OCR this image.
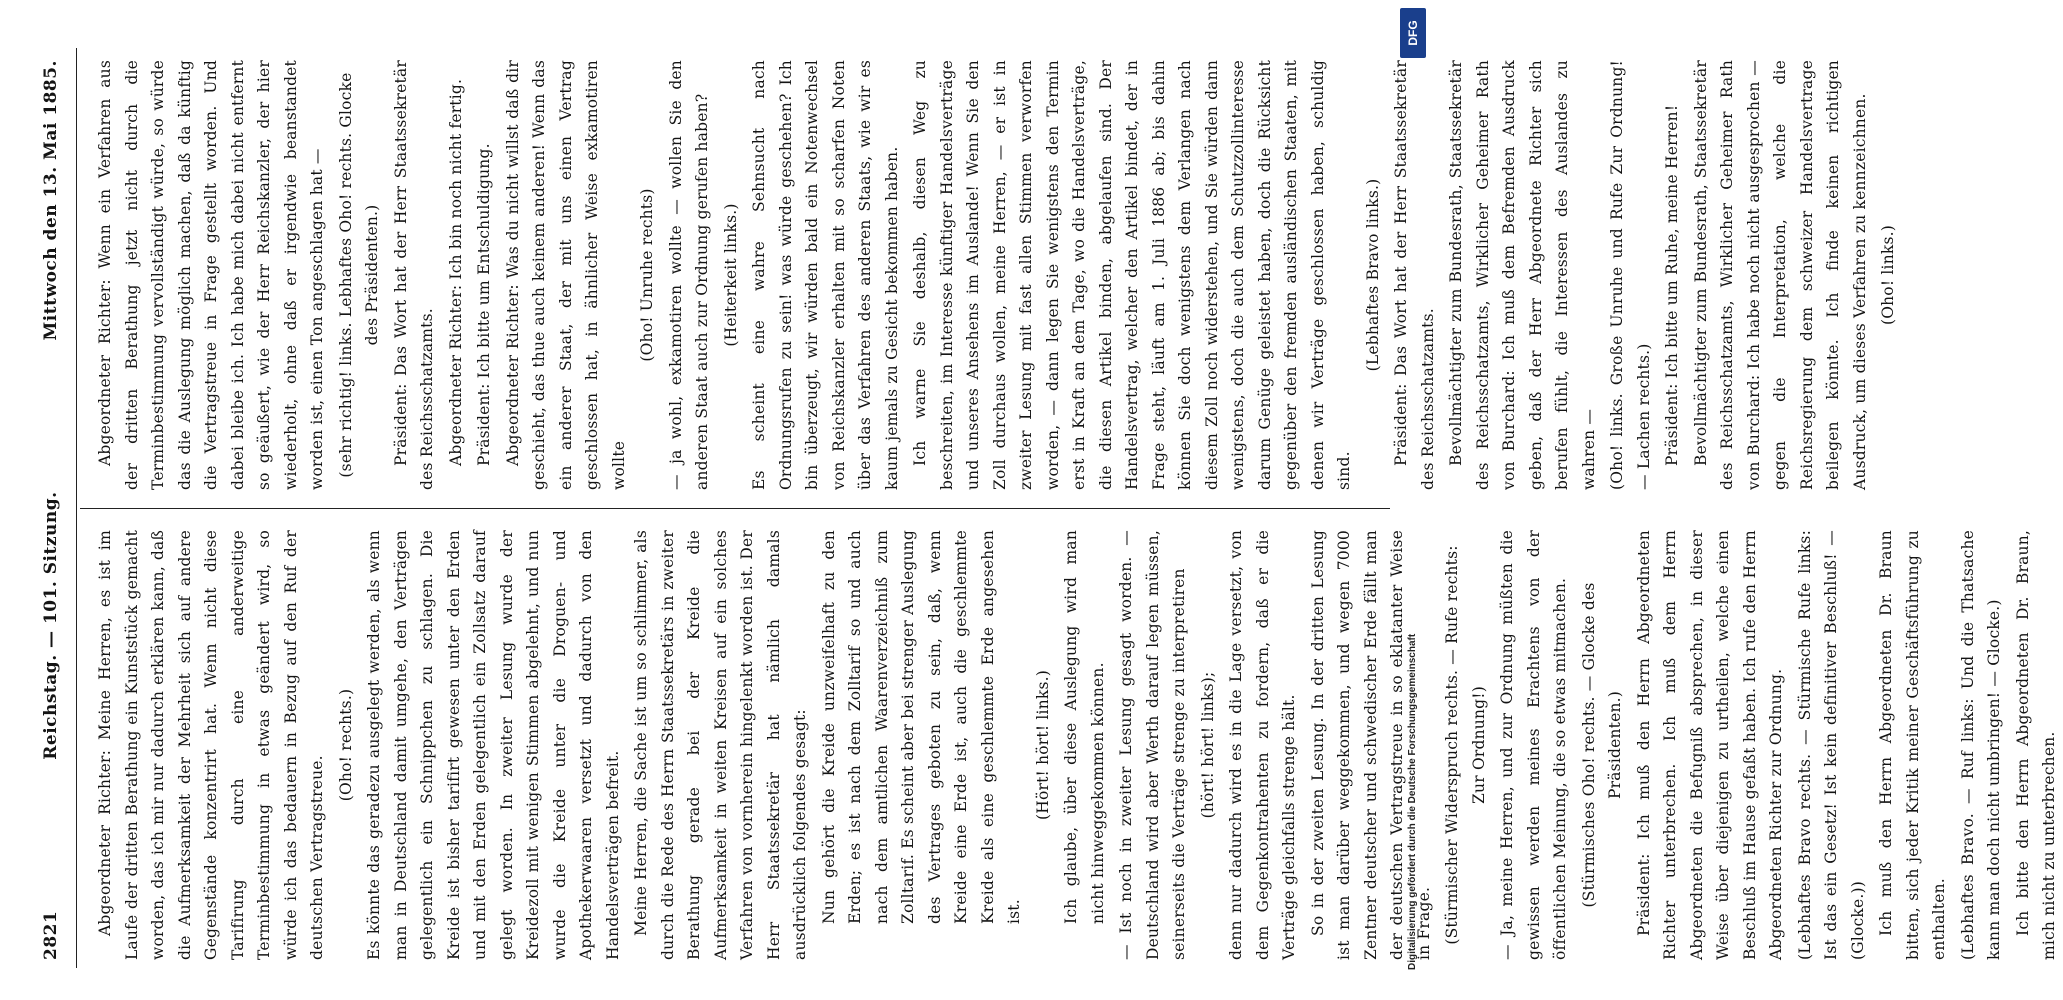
2821
Reichstag. — 101. Sitzung.
Mittwoch den 13. Mai 1885.
Abgeordneter Richter: Meine Herren, es ist im Laufe der dritten Berathung ein Kunststück gemacht worden, das ich mir nur dadurch erklären kann, daß die Aufmerksamkeit der Mehrheit sich auf andere Gegenstände konzentrirt hat. Wenn nicht diese Tarifirung durch eine anderweitige Terminbestimmung in etwas geändert wird, so würde ich das bedauern in Bezug auf den Ruf der deutschen Vertragstreue.
(Oho! rechts.) Es könnte das geradezu ausgelegt werden, als wenn man in Deutschland damit umgehe, den Verträgen gelegentlich ein Schnippchen zu schlagen. Die Kreide ist bisher tarifirt gewesen unter den Erden und mit den Erden gelegentlich ein Zollsatz darauf gelegt worden. In zweiter Lesung wurde der Kreidezoll mit wenigen Stimmen abgelehnt, und nun wurde die Kreide unter die Droguen- und Apothekerwaaren versetzt und dadurch von den Handelsverträgen befreit. Meine Herren, die Sache ist um so schlimmer, als durch die Rede des Herrn Staatssekretärs in zweiter Berathung gerade bei der Kreide die Aufmerksamkeit in weiten Kreisen auf ein solches Verfahren von vornherein hingelenkt worden ist. Der Herr Staatssekretär hat nämlich damals ausdrücklich folgendes gesagt: Nun gehört die Kreide unzweifelhaft zu den Erden; es ist nach dem Zolltarif so und auch nach dem amtlichen Waarenverzeichniß zum Zolltarif. Es scheint aber bei strenger Auslegung des Vertrages geboten zu sein, daß, wenn Kreide eine Erde ist, auch die geschlemmte Kreide als eine geschlemmte Erde angesehen ist.
(Hört! hört! links.) Ich glaube, über diese Auslegung wird man nicht hinweggekommen können. — Ist noch in zweiter Lesung gesagt worden. — Deutschland wird aber Werth darauf legen müssen, seinerseits die Verträge strenge zu interpretiren (hört! hört! links); denn nur dadurch wird es in die Lage versetzt, von dem Gegenkontrahenten zu fordern, daß er die Verträge gleichfalls strenge hält. So in der zweiten Lesung. In der dritten Lesung ist man darüber weggekommen, und wegen 7000 Zentner deutscher und schwedischer Erde fällt man der deutschen Vertragstreue in so eklatanter Weise in Frage. (Stürmischer Widerspruch rechts. — Rufe rechts: Zur Ordnung!) — Ja, meine Herren, und zur Ordnung müßten die gewissen werden meines Erachtens von der öffentlichen Meinung, die so etwas mitmachen. (Stürmisches Oho! rechts. — Glocke des Präsidenten.) Präsident: Ich muß den Herrn Abgeordneten Richter unterbrechen. Ich muß dem Herrn Abgeordneten die Befugniß absprechen, in dieser Weise über diejenigen zu urtheilen, welche einen Beschluß im Hause gefaßt haben. Ich rufe den Herrn Abgeordneten Richter zur Ordnung. (Lebhaftes Bravo rechts. — Stürmische Rufe links: Ist das ein Gesetz! Ist kein definitiver Beschluß! — (Glocke.)) Ich muß den Herrn Abgeordneten Dr. Braun bitten, sich jeder Kritik meiner Geschäftsführung zu enthalten. (Lebhaftes Bravo. — Ruf links: Und die Thatsache kann man doch nicht umbringen! — Glocke.) Ich bitte den Herrn Abgeordneten Dr. Braun, mich nicht zu unterbrechen.
Abgeordneter Richter: Wenn ein Verfahren aus der dritten Berathung jetzt nicht durch die Terminbestimmung vervollständigt würde, so würde das die Auslegung möglich machen, daß da künftig die Vertragstreue in Frage gestellt worden. Und dabei bleibe ich. Ich habe mich dabei nicht entfernt so geäußert, wie der Herr Reichskanzler, der hier wiederholt, ohne daß er irgendwie beanstandet worden ist, einen Ton angeschlagen hat — (sehr richtig! links. Lebhaftes Oho! rechts. Glocke des Präsidenten.) Präsident: Das Wort hat der Herr Staatssekretär des Reichsschatzamts. Abgeordneter Richter: Ich bin noch nicht fertig. Präsident: Ich bitte um Entschuldigung. Abgeordneter Richter: Was du nicht willst daß dir geschieht, das thue auch keinem anderen! Wenn das ein anderer Staat, der mit uns einen Vertrag geschlossen hat, in ähnlicher Weise exkamotiren wollte
(Oho! Unruhe rechts) — ja wohl, exkamotiren wollte — wollen Sie den anderen Staat auch zur Ordnung gerufen haben? (Heiterkeit links.) Es scheint eine wahre Sehnsucht nach Ordnungsrufen zu sein! was würde geschehen? Ich bin überzeugt, wir würden bald ein Notenwechsel von Reichskanzler erhalten mit so scharfen Noten über das Verfahren des anderen Staats, wie wir es kaum jemals zu Gesicht bekommen haben. Ich warne Sie deshalb, diesen Weg zu beschreiten, im Interesse künftiger Handelsverträge und unseres Ansehens im Auslande! Wenn Sie den Zoll durchaus wollen, meine Herren, — er ist in zweiter Lesung mit fast allen Stimmen verworfen worden, — dann legen Sie wenigstens den Termin erst in Kraft an dem Tage, wo die Handelsverträge, die diesen Artikel binden, abgelaufen sind. Der Handelsvertrag, welcher den Artikel bindet, der in Frage steht, läuft am 1. Juli 1886 ab; bis dahin können Sie doch wenigstens dem Verlangen nach diesem Zoll noch widerstehen, und Sie würden dann wenigstens, doch die auch dem Schutzzollinteresse darum Genüge geleistet haben, doch die Rücksicht gegenüber den fremden ausländischen Staaten, mit denen wir Verträge geschlossen haben, schuldig sind.
(Lebhaftes Bravo links.) Präsident: Das Wort hat der Herr Staatssekretär des Reichsschatzamts. Bevollmächtigter zum Bundesrath, Staatssekretär des Reichsschatzamts, Wirklicher Geheimer Rath von Burchard: Ich muß dem Befremden Ausdruck geben, daß der Herr Abgeordnete Richter sich berufen fühlt, die Interessen des Auslandes zu wahren — (Oho! links. Große Unruhe und Rufe Zur Ordnung! — Lachen rechts.) Präsident: Ich bitte um Ruhe, meine Herren! Bevollmächtigter zum Bundesrath, Staatssekretär des Reichsschatzamts, Wirklicher Geheimer Rath von Burchard: Ich habe noch nicht ausgesprochen — gegen die Interpretation, welche die Reichsregierung dem schweizer Handelsvertrage beilegen könnte. Ich finde keinen richtigen Ausdruck, um dieses Verfahren zu kennzeichnen. (Oho! links.)
DFG
Digitalisierung gefördert durch die Deutsche Forschungsgemeinschaft
